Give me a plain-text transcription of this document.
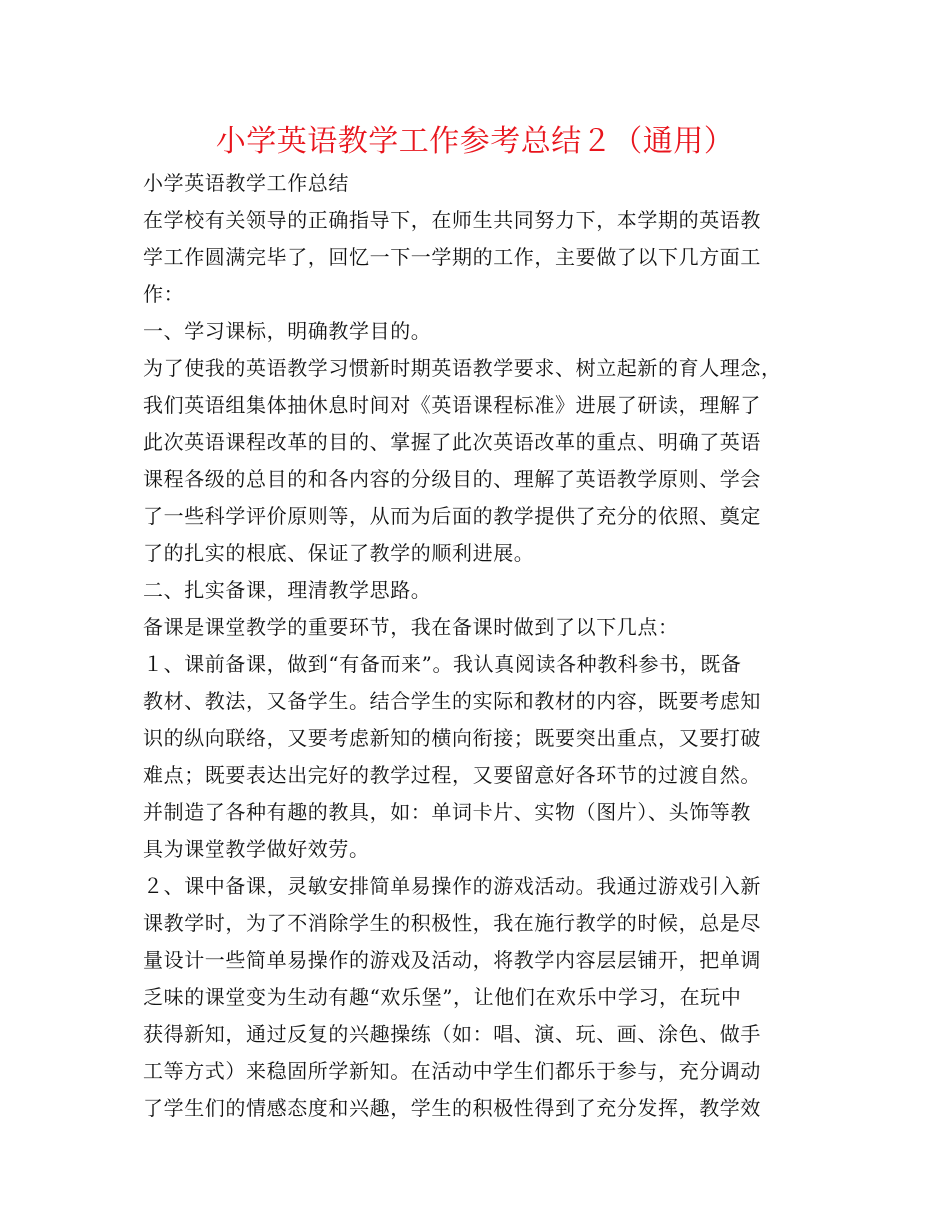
小学英语教学工作参考总结２（通用）
小学英语教学工作总结
在学校有关领导的正确指导下，在师生共同努力下，本学期的英语教
学工作圆满完毕了，回忆一下一学期的工作，主要做了以下几方面工
作：
一、学习课标，明确教学目的。
为了使我的英语教学习惯新时期英语教学要求、树立起新的育人理念，
我们英语组集体抽休息时间对《英语课程标准》进展了研读，理解了
此次英语课程改革的目的、掌握了此次英语改革的重点、明确了英语
课程各级的总目的和各内容的分级目的、理解了英语教学原则、学会
了一些科学评价原则等，从而为后面的教学提供了充分的依照、奠定
了的扎实的根底、保证了教学的顺利进展。
二、扎实备课，理清教学思路。
备课是课堂教学的重要环节，我在备课时做到了以下几点：
１、课前备课，做到“有备而来”。我认真阅读各种教科参书，既备
教材、教法，又备学生。结合学生的实际和教材的内容，既要考虑知
识的纵向联络，又要考虑新知的横向衔接；既要突出重点，又要打破
难点；既要表达出完好的教学过程，又要留意好各环节的过渡自然。
并制造了各种有趣的教具，如：单词卡片、实物（图片）、头饰等教
具为课堂教学做好效劳。
２、课中备课，灵敏安排简单易操作的游戏活动。我通过游戏引入新
课教学时，为了不消除学生的积极性，我在施行教学的时候，总是尽
量设计一些简单易操作的游戏及活动，将教学内容层层铺开，把单调
乏味的课堂变为生动有趣“欢乐堡”，让他们在欢乐中学习，在玩中
获得新知，通过反复的兴趣操练（如：唱、演、玩、画、涂色、做手
工等方式）来稳固所学新知。在活动中学生们都乐于参与，充分调动
了学生们的情感态度和兴趣，学生的积极性得到了充分发挥，教学效
